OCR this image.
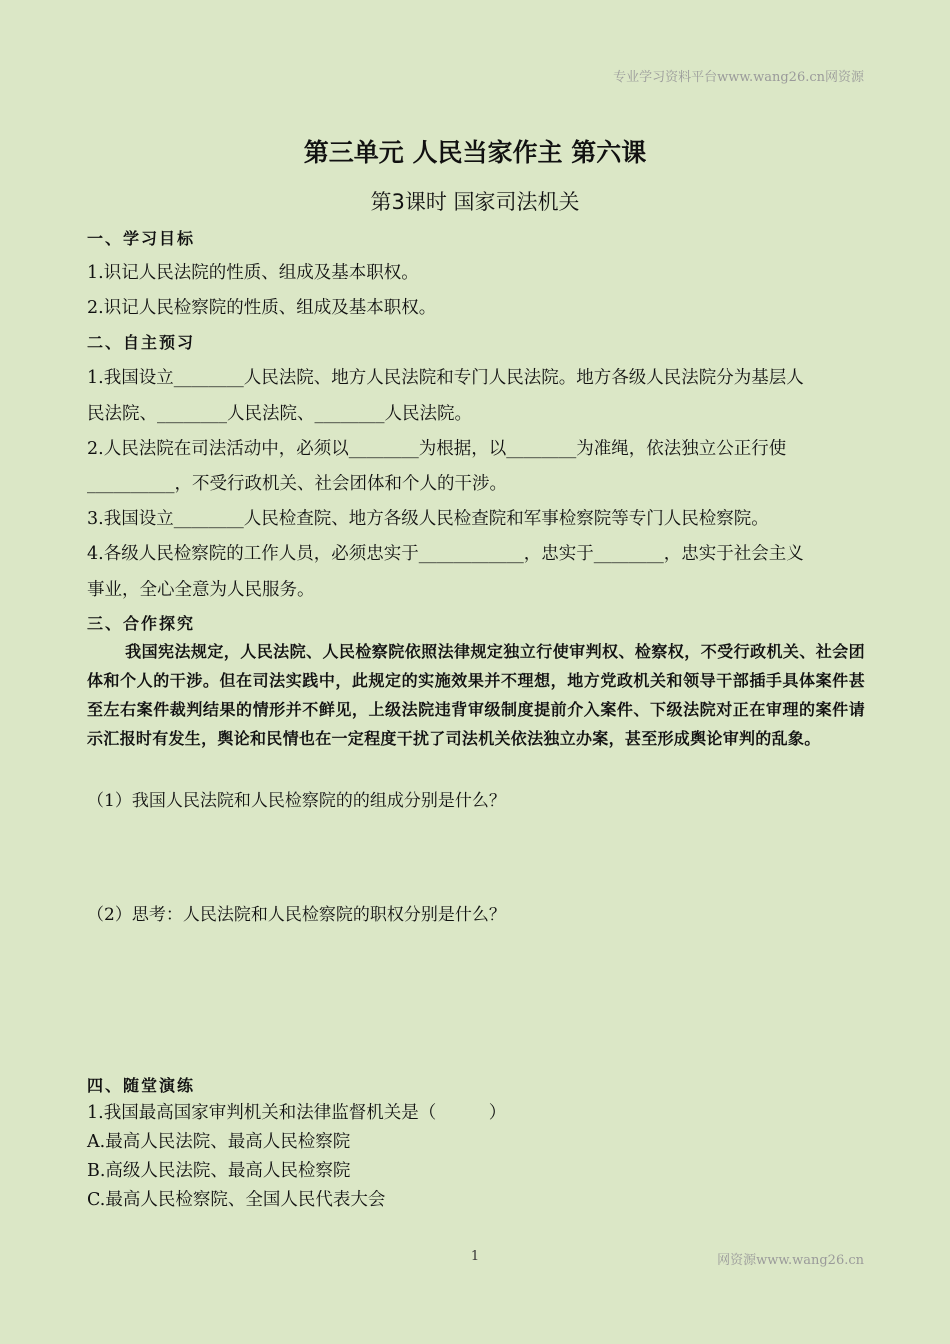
专业学习资料平台www.wang26.cn网资源
第三单元 人民当家作主 第六课
第3课时 国家司法机关
一、学习目标
1.识记人民法院的性质、组成及基本职权。
2.识记人民检察院的性质、组成及基本职权。
二、自主预习
1.我国设立________人民法院、地方人民法院和专门人民法院。地方各级人民法院分为基层人
民法院、________人民法院、________人民法院。
2.人民法院在司法活动中，必须以________为根据，以________为准绳，依法独立公正行使
__________，不受行政机关、社会团体和个人的干涉。
3.我国设立________人民检查院、地方各级人民检查院和军事检察院等专门人民检察院。
4.各级人民检察院的工作人员，必须忠实于____________，忠实于________，忠实于社会主义
事业，全心全意为人民服务。
三、合作探究
我国宪法规定，人民法院、人民检察院依照法律规定独立行使审判权、检察权，不受行政机关、社会团体和个人的干涉。但在司法实践中，此规定的实施效果并不理想，地方党政机关和领导干部插手具体案件甚至左右案件裁判结果的情形并不鲜见，上级法院违背审级制度提前介入案件、下级法院对正在审理的案件请示汇报时有发生，舆论和民情也在一定程度干扰了司法机关依法独立办案，甚至形成舆论审判的乱象。
（1）我国人民法院和人民检察院的的组成分别是什么？
（2）思考：人民法院和人民检察院的职权分别是什么？
四、随堂演练
1.我国最高国家审判机关和法律监督机关是（　　　）
A.最高人民法院、最高人民检察院
B.高级人民法院、最高人民检察院
C.最高人民检察院、全国人民代表大会
1	网资源www.wang26.cn
